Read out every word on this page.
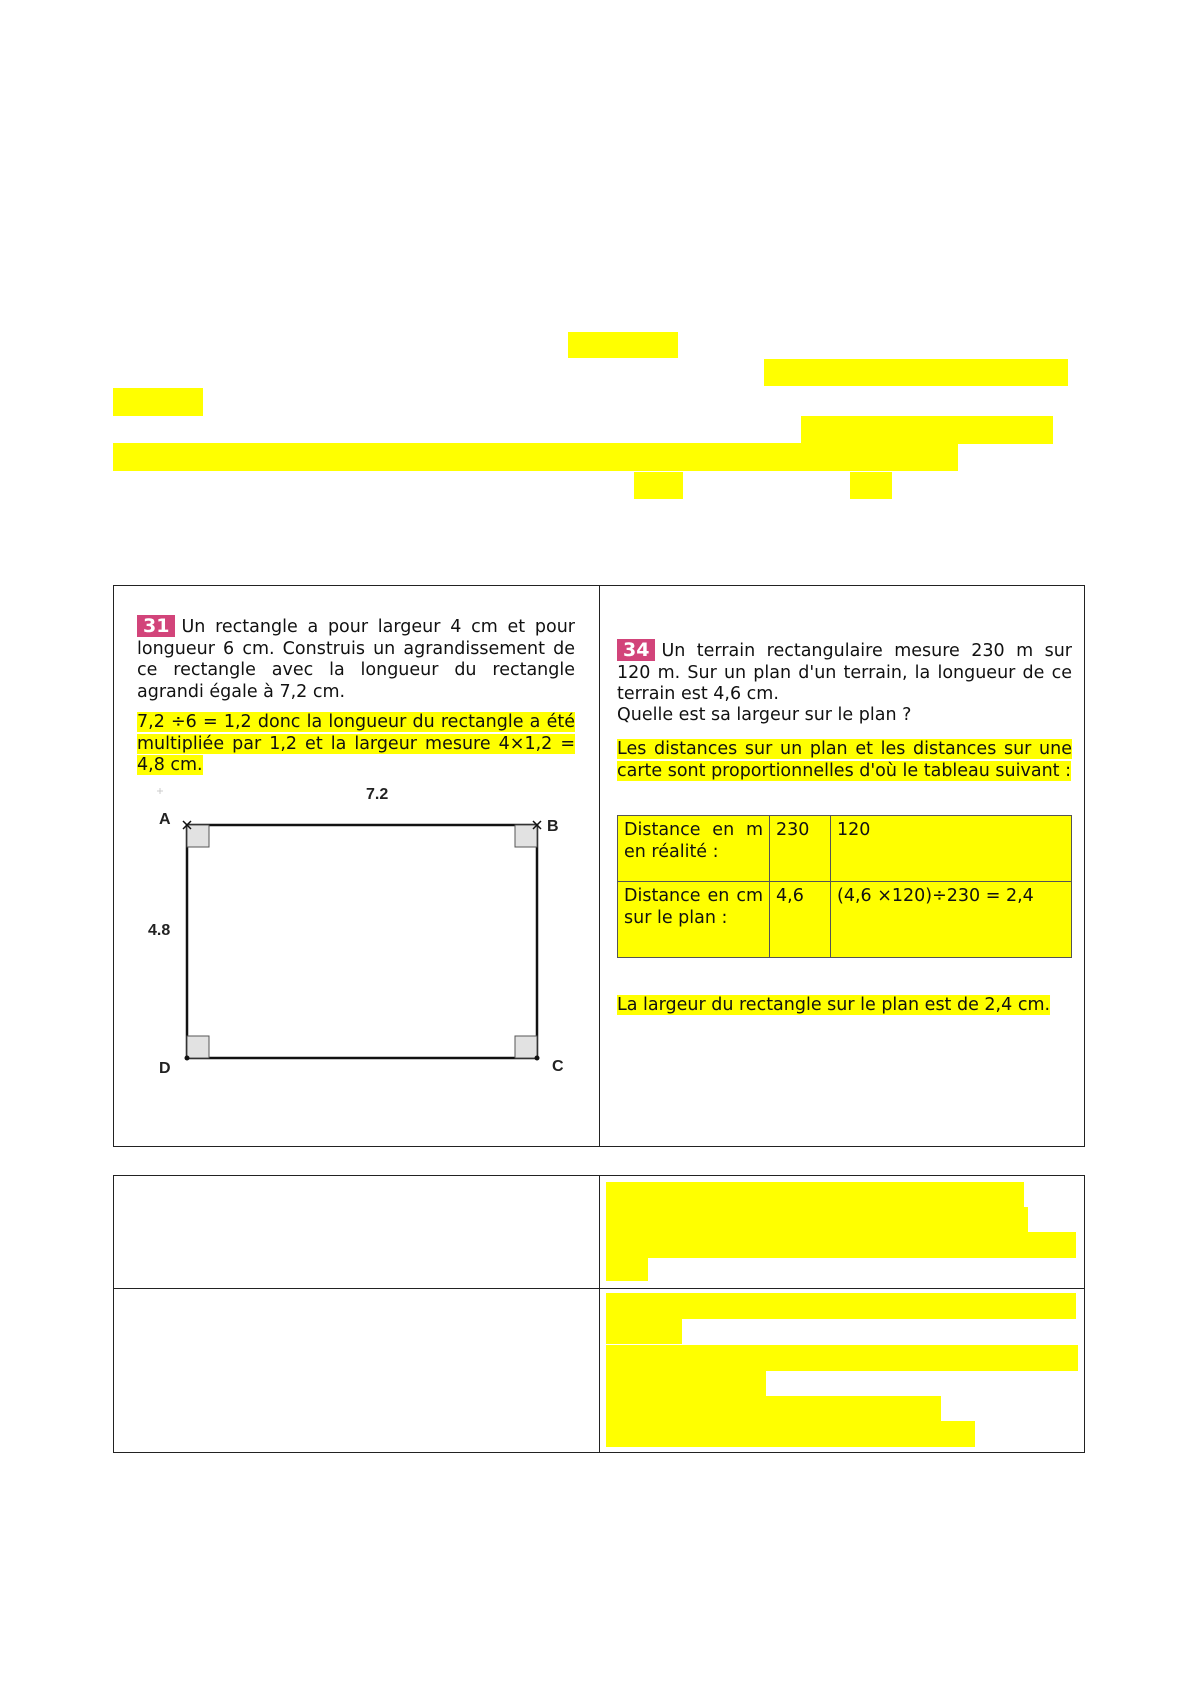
31 Un rectangle a pour largeur 4 cm et pour longueur 6 cm. Construis un agrandissement de ce rectangle avec la longueur du rectangle agrandi égale à 7,2 cm.
7,2 ÷6 = 1,2 donc la longueur du rectangle a été multipliée par 1,2 et la largeur mesure 4×1,2 = 4,8 cm.
7.2
4.8
A	B
C
D
34 Un terrain rectangulaire mesure 230 m sur 120 m. Sur un plan d'un terrain, la longueur de ce terrain est 4,6 cm.
Quelle est sa largeur sur le plan ?
Les distances sur un plan et les distances sur une carte sont proportionnelles d'où le tableau suivant :
Distance en m en réalité :	230	120
Distance en cm sur le plan :	4,6	(4,6 ×120)÷230 = 2,4
La largeur du rectangle sur le plan est de 2,4 cm.
